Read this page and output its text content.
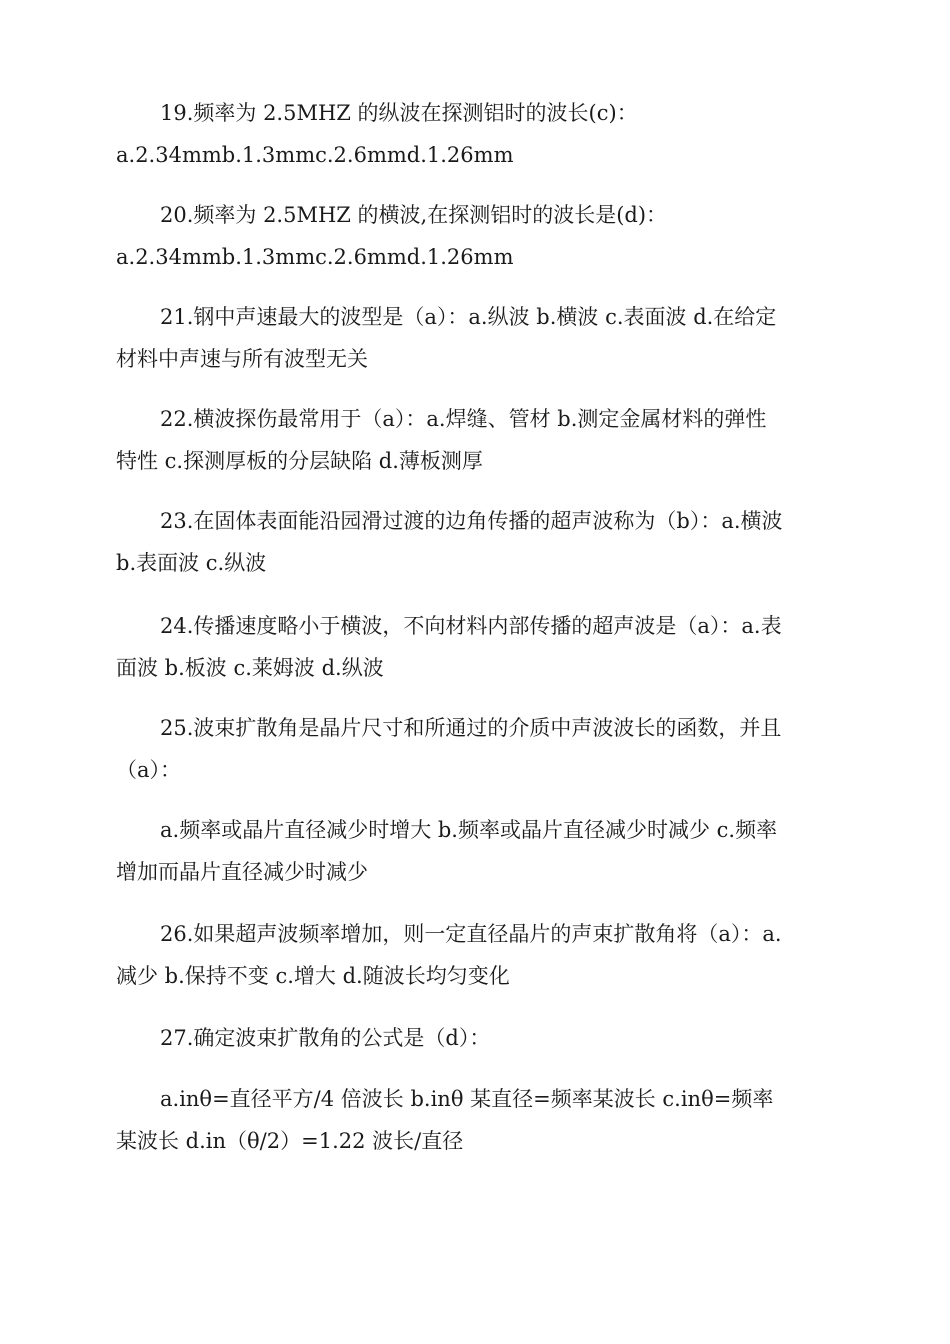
19.频率为 2.5MHZ 的纵波在探测铝时的波长(c)：
a.2.34mmb.1.3mmc.2.6mmd.1.26mm
20.频率为 2.5MHZ 的横波,在探测铝时的波长是(d)：
a.2.34mmb.1.3mmc.2.6mmd.1.26mm
21.钢中声速最大的波型是（a）：a.纵波 b.横波 c.表面波 d.在给定
材料中声速与所有波型无关
22.横波探伤最常用于（a）：a.焊缝、管材 b.测定金属材料的弹性
特性 c.探测厚板的分层缺陷 d.薄板测厚
23.在固体表面能沿园滑过渡的边角传播的超声波称为（b）：a.横波
b.表面波 c.纵波
24.传播速度略小于横波，不向材料内部传播的超声波是（a）：a.表
面波 b.板波 c.莱姆波 d.纵波
25.波束扩散角是晶片尺寸和所通过的介质中声波波长的函数，并且
（a）：
a.频率或晶片直径减少时增大 b.频率或晶片直径减少时减少 c.频率
增加而晶片直径减少时减少
26.如果超声波频率增加，则一定直径晶片的声束扩散角将（a）：a.
减少 b.保持不变 c.增大 d.随波长均匀变化
27.确定波束扩散角的公式是（d）：
a.inθ=直径平方/4 倍波长 b.inθ 某直径=频率某波长 c.inθ=频率
某波长 d.in（θ/2）=1.22 波长/直径
